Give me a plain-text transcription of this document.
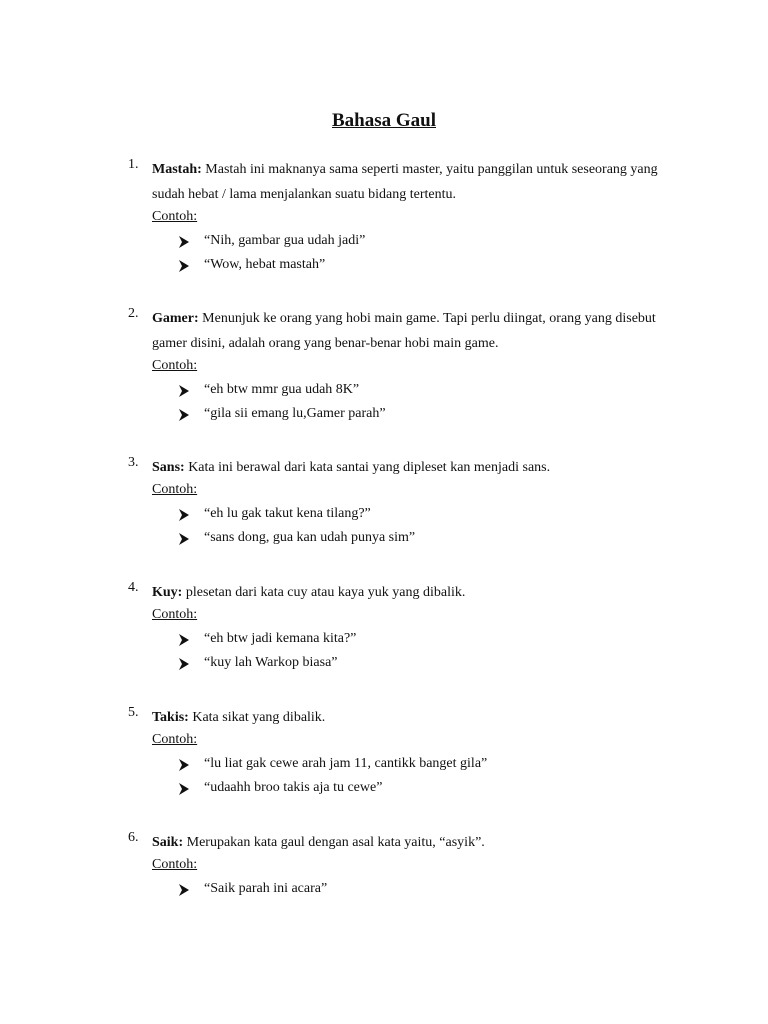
Bahasa Gaul
1. Mastah: Mastah ini maknanya sama seperti master, yaitu panggilan untuk seseorang yang sudah hebat / lama menjalankan suatu bidang tertentu.
Contoh:
“Nih, gambar gua udah jadi”
“Wow, hebat mastah”
2. Gamer: Menunjuk ke orang yang hobi main game. Tapi perlu diingat, orang yang disebut gamer disini, adalah orang yang benar-benar hobi main game.
Contoh:
“eh btw mmr gua udah 8K”
“gila sii emang lu,Gamer parah”
3. Sans: Kata ini berawal dari kata santai yang dipleset kan menjadi sans.
Contoh:
“eh lu gak takut kena tilang?”
“sans dong, gua kan udah punya sim”
4. Kuy: plesetan dari kata cuy atau kaya yuk yang dibalik.
Contoh:
“eh btw jadi kemana kita?”
“kuy lah Warkop biasa”
5. Takis: Kata sikat yang dibalik.
Contoh:
“lu liat gak cewe arah jam 11, cantikk banget gila”
“udaahh broo takis aja tu cewe”
6. Saik: Merupakan kata gaul dengan asal kata yaitu, “asyik”.
Contoh:
“Saik parah ini acara”
